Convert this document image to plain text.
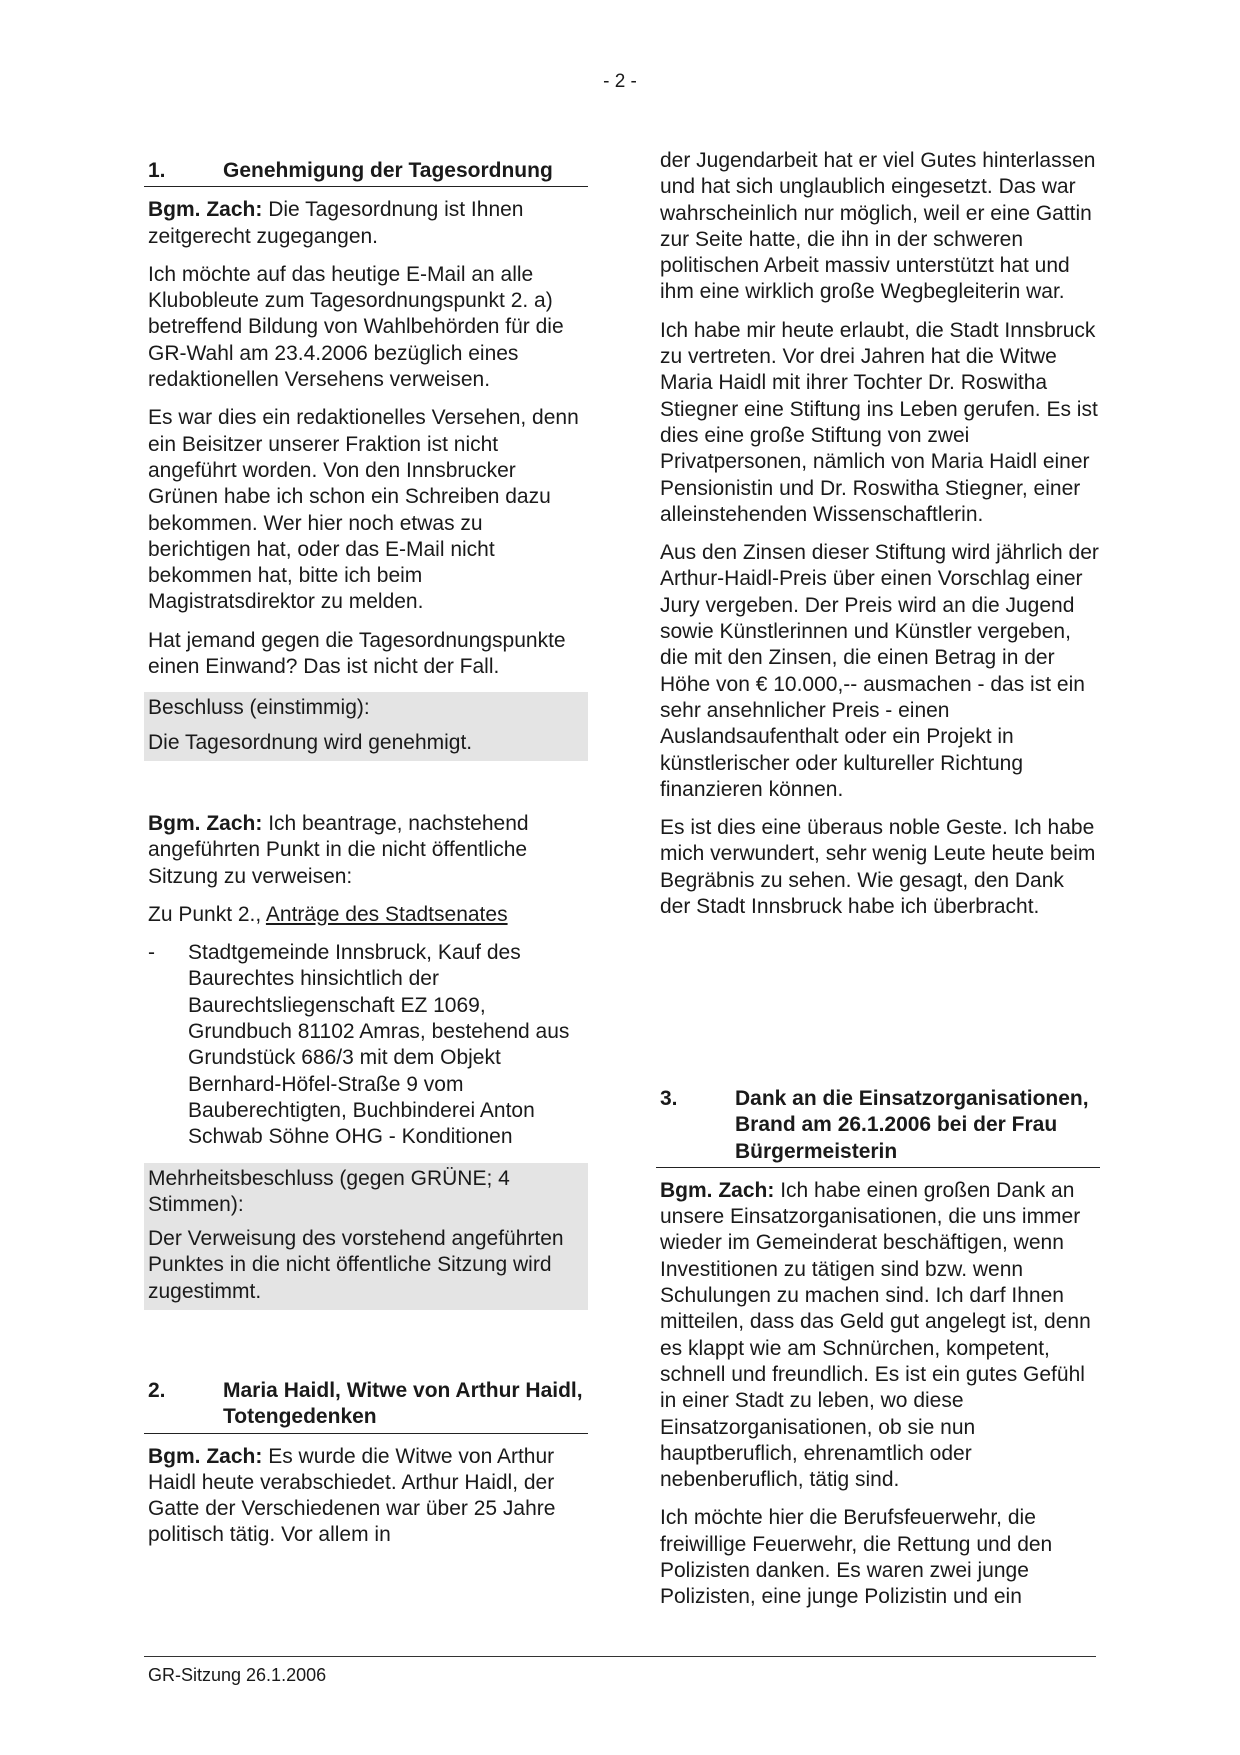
- 2 -
1.	Genehmigung der Tagesordnung

Bgm. Zach: Die Tagesordnung ist Ihnen zeitgerecht zugegangen.

Ich möchte auf das heutige E-Mail an alle Klubobleute zum Tagesordnungspunkt 2. a) betreffend Bildung von Wahlbehörden für die GR-Wahl am 23.4.2006 bezüglich eines redaktionellen Versehens verweisen.

Es war dies ein redaktionelles Versehen, denn ein Beisitzer unserer Fraktion ist nicht angeführt worden. Von den Innsbrucker Grünen habe ich schon ein Schreiben dazu bekommen. Wer hier noch etwas zu berichtigen hat, oder das E-Mail nicht bekommen hat, bitte ich beim Magistratsdirektor zu melden.

Hat jemand gegen die Tagesordnungspunkte einen Einwand? Das ist nicht der Fall.

Beschluss (einstimmig):
Die Tagesordnung wird genehmigt.

Bgm. Zach: Ich beantrage, nachstehend angeführten Punkt in die nicht öffentliche Sitzung zu verweisen:

Zu Punkt 2., Anträge des Stadtsenates

-	Stadtgemeinde Innsbruck, Kauf des Baurechtes hinsichtlich der Baurechtsliegenschaft EZ 1069, Grundbuch 81102 Amras, bestehend aus Grundstück 686/3 mit dem Objekt Bernhard-Höfel-Straße 9 vom Bauberechtigten, Buchbinderei Anton Schwab Söhne OHG - Konditionen
Mehrheitsbeschluss (gegen GRÜNE; 4 Stimmen):
Der Verweisung des vorstehend angeführten Punktes in die nicht öffentliche Sitzung wird zugestimmt.
2.	Maria Haidl, Witwe von Arthur Haidl, Totengedenken

Bgm. Zach: Es wurde die Witwe von Arthur Haidl heute verabschiedet. Arthur Haidl, der Gatte der Verschiedenen war über 25 Jahre politisch tätig. Vor allem in

der Jugendarbeit hat er viel Gutes hinterlassen und hat sich unglaublich eingesetzt. Das war wahrscheinlich nur möglich, weil er eine Gattin zur Seite hatte, die ihn in der schweren politischen Arbeit massiv unterstützt hat und ihm eine wirklich große Wegbegleiterin war.

Ich habe mir heute erlaubt, die Stadt Innsbruck zu vertreten. Vor drei Jahren hat die Witwe Maria Haidl mit ihrer Tochter Dr. Roswitha Stiegner eine Stiftung ins Leben gerufen. Es ist dies eine große Stiftung von zwei Privatpersonen, nämlich von Maria Haidl einer Pensionistin und Dr. Roswitha Stiegner, einer alleinstehenden Wissenschaftlerin.

Aus den Zinsen dieser Stiftung wird jährlich der Arthur-Haidl-Preis über einen Vorschlag einer Jury vergeben. Der Preis wird an die Jugend sowie Künstlerinnen und Künstler vergeben, die mit den Zinsen, die einen Betrag in der Höhe von € 10.000,-- ausmachen - das ist ein sehr ansehnlicher Preis - einen Auslandsaufenthalt oder ein Projekt in künstlerischer oder kultureller Richtung finanzieren können.

Es ist dies eine überaus noble Geste. Ich habe mich verwundert, sehr wenig Leute heute beim Begräbnis zu sehen. Wie gesagt, den Dank der Stadt Innsbruck habe ich überbracht.

3.	Dank an die Einsatzorganisationen, Brand am 26.1.2006 bei der Frau Bürgermeisterin

Bgm. Zach: Ich habe einen großen Dank an unsere Einsatzorganisationen, die uns immer wieder im Gemeinderat beschäftigen, wenn Investitionen zu tätigen sind bzw. wenn Schulungen zu machen sind. Ich darf Ihnen mitteilen, dass das Geld gut angelegt ist, denn es klappt wie am Schnürchen, kompetent, schnell und freundlich. Es ist ein gutes Gefühl in einer Stadt zu leben, wo diese Einsatzorganisationen, ob sie nun hauptberuflich, ehrenamtlich oder nebenberuflich, tätig sind.

Ich möchte hier die Berufsfeuerwehr, die freiwillige Feuerwehr, die Rettung und den Polizisten danken. Es waren zwei junge Polizisten, eine junge Polizistin und ein

GR-Sitzung 26.1.2006
